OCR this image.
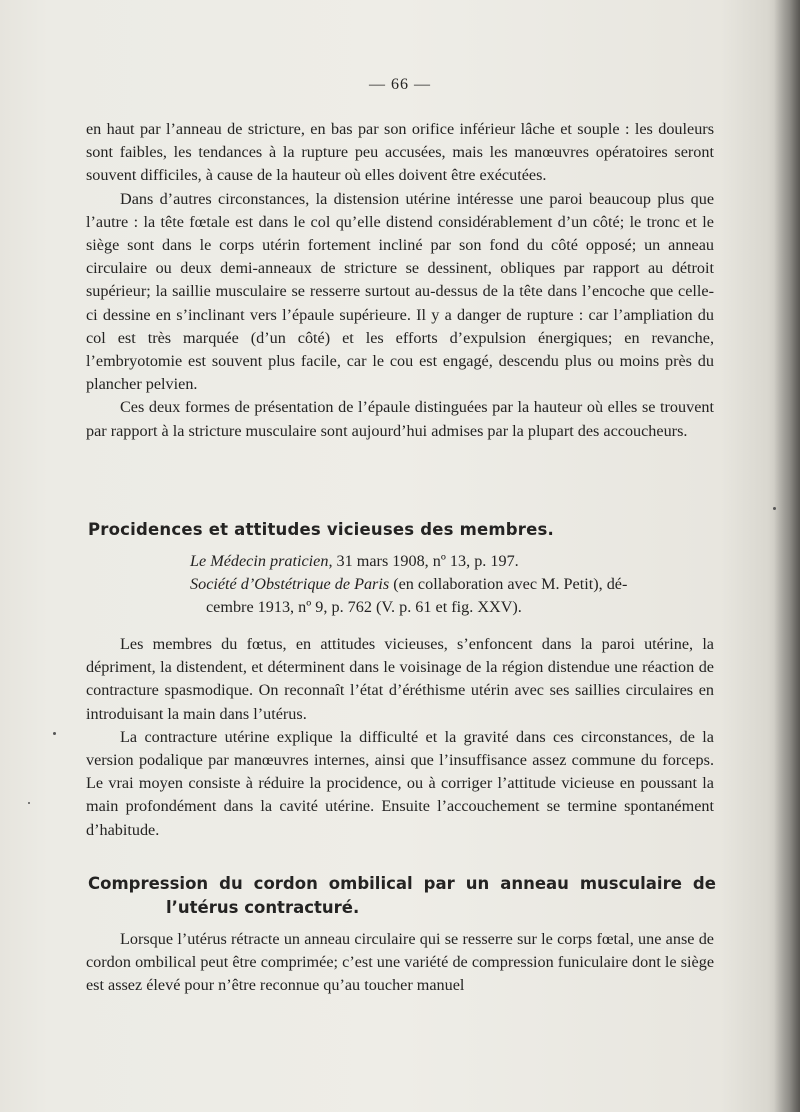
— 66 —

en haut par l’anneau de stricture, en bas par son orifice inférieur lâche et souple : les douleurs sont faibles, les tendances à la rupture peu accusées, mais les manœuvres opératoires seront souvent difficiles, à cause de la hauteur où elles doivent être exécutées.

Dans d’autres circonstances, la distension utérine intéresse une paroi beaucoup plus que l’autre : la tête fœtale est dans le col qu’elle distend considérablement d’un côté; le tronc et le siège sont dans le corps utérin fortement incliné par son fond du côté opposé; un anneau circulaire ou deux demi-anneaux de stricture se dessinent, obliques par rapport au détroit supérieur; la saillie musculaire se resserre surtout au-dessus de la tête dans l’encoche que celle-ci dessine en s’inclinant vers l’épaule supérieure. Il y a danger de rupture : car l’ampliation du col est très marquée (d’un côté) et les efforts d’expulsion énergiques; en revanche, l’embryotomie est souvent plus facile, car le cou est engagé, descendu plus ou moins près du plancher pelvien.

Ces deux formes de présentation de l’épaule distinguées par la hauteur où elles se trouvent par rapport à la stricture musculaire sont aujourd’hui admises par la plupart des accoucheurs.

Procidences et attitudes vicieuses des membres.
Le Médecin praticien, 31 mars 1908, nº 13, p. 197.
Société d’Obstétrique de Paris (en collaboration avec M. Petit), dé-
cembre 1913, nº 9, p. 762 (V. p. 61 et fig. XXV).

Les membres du fœtus, en attitudes vicieuses, s’enfoncent dans la paroi utérine, la dépriment, la distendent, et déterminent dans le voisinage de la région distendue une réaction de contracture spasmodique. On reconnaît l’état d’éréthisme utérin avec ses saillies circulaires en introduisant la main dans l’utérus.

La contracture utérine explique la difficulté et la gravité dans ces circonstances, de la version podalique par manœuvres internes, ainsi que l’insuffisance assez commune du forceps. Le vrai moyen consiste à réduire la procidence, ou à corriger l’attitude vicieuse en poussant la main profondément dans la cavité utérine. Ensuite l’accouchement se termine spontanément d’habitude.

Compression du cordon ombilical par un anneau musculaire de
l’utérus contracturé.

Lorsque l’utérus rétracte un anneau circulaire qui se resserre sur le corps fœtal, une anse de cordon ombilical peut être comprimée; c’est une variété de compression funiculaire dont le siège est assez élevé pour n’être reconnue qu’au toucher manuel
